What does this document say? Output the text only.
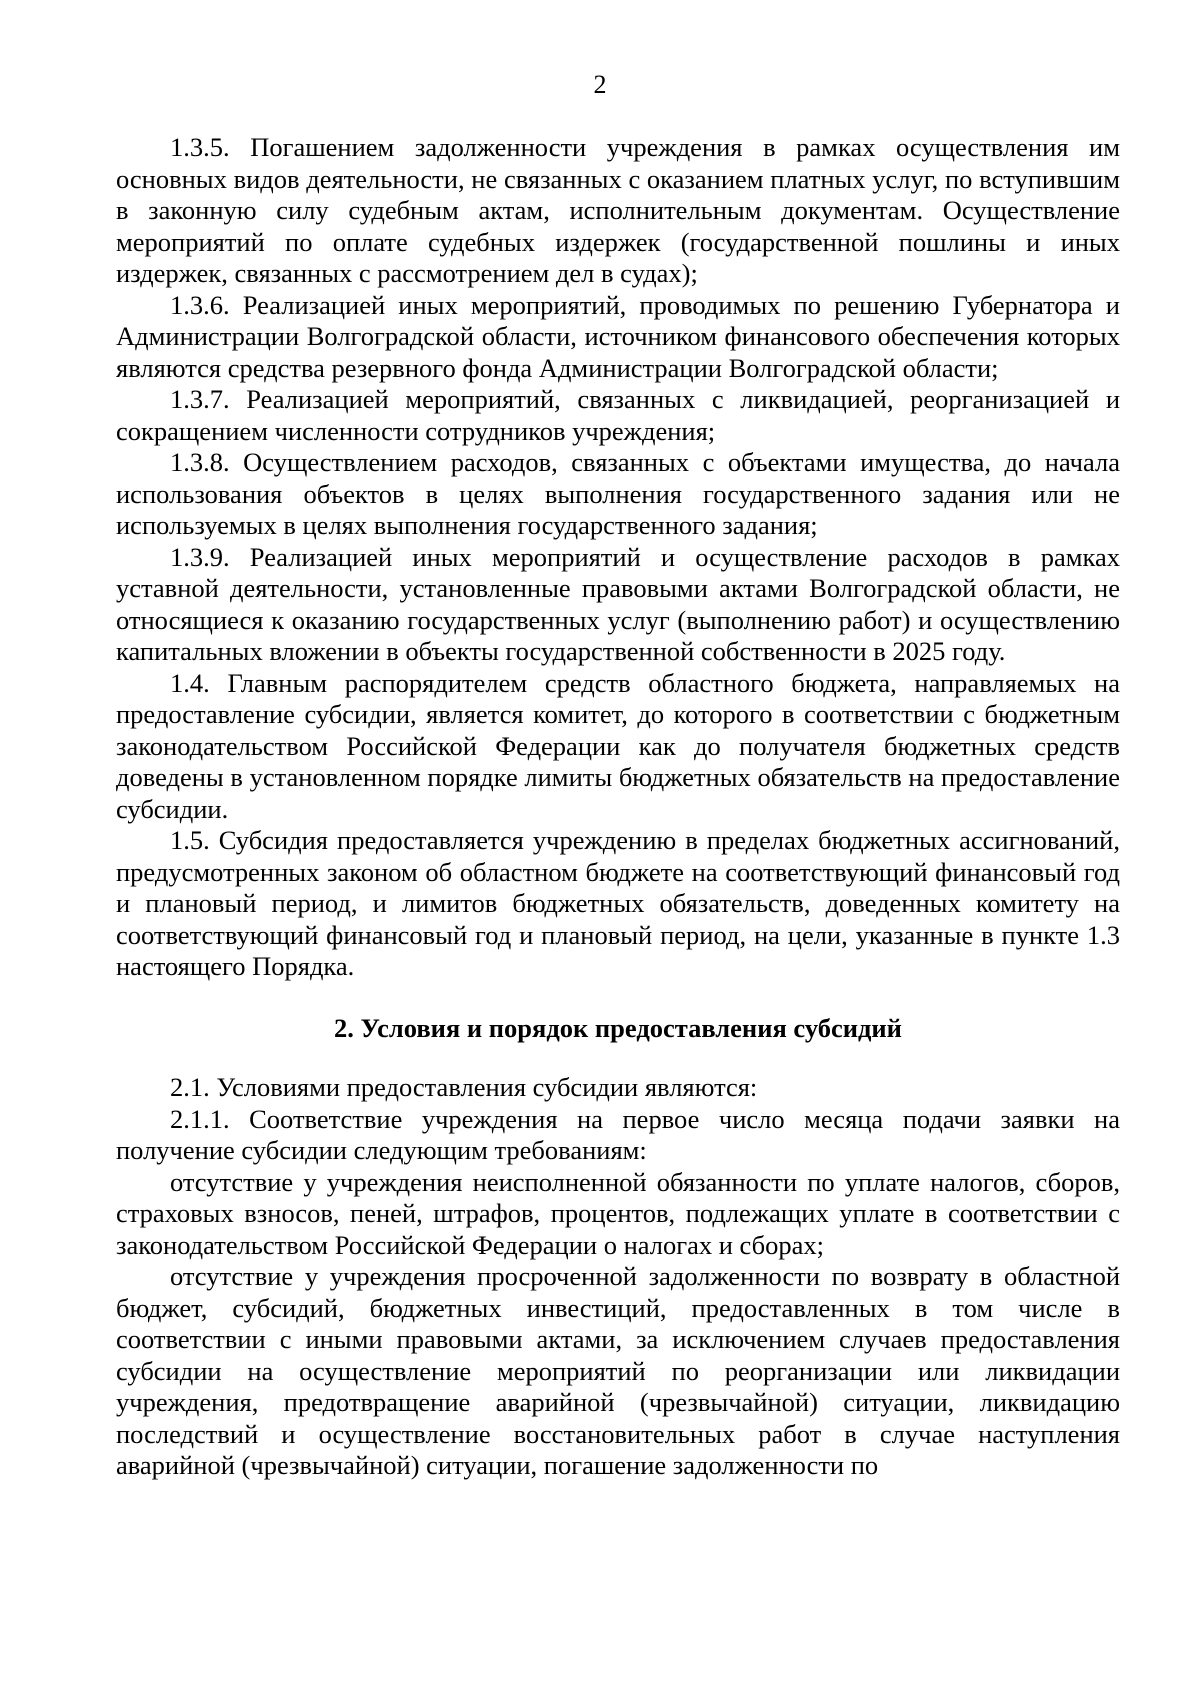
2

1.3.5. Погашением задолженности учреждения в рамках осуществления им основных видов деятельности, не связанных с оказанием платных услуг, по вступившим в законную силу судебным актам, исполнительным документам. Осуществление мероприятий по оплате судебных издержек (государственной пошлины и иных издержек, связанных с рассмотрением дел в судах);

1.3.6. Реализацией иных мероприятий, проводимых по решению Губернатора и Администрации Волгоградской области, источником финансового обеспечения которых являются средства резервного фонда Администрации Волгоградской области;

1.3.7. Реализацией мероприятий, связанных с ликвидацией, реорганизацией и сокращением численности сотрудников учреждения;

1.3.8. Осуществлением расходов, связанных с объектами имущества, до начала использования объектов в целях выполнения государственного задания или не используемых в целях выполнения государственного задания;

1.3.9. Реализацией иных мероприятий и осуществление расходов в рамках уставной деятельности, установленные правовыми актами Волгоградской области, не относящиеся к оказанию государственных услуг (выполнению работ) и осуществлению капитальных вложении в объекты государственной собственности в 2025 году.

1.4. Главным распорядителем средств областного бюджета, направляемых на предоставление субсидии, является комитет, до которого в соответствии с бюджетным законодательством Российской Федерации как до получателя бюджетных средств доведены в установленном порядке лимиты бюджетных обязательств на предоставление субсидии.

1.5. Субсидия предоставляется учреждению в пределах бюджетных ассигнований, предусмотренных законом об областном бюджете на соответствующий финансовый год и плановый период, и лимитов бюджетных обязательств, доведенных комитету на соответствующий финансовый год и плановый период, на цели, указанные в пункте 1.3 настоящего Порядка.

2. Условия и порядок предоставления субсидий

2.1. Условиями предоставления субсидии являются:

2.1.1. Соответствие учреждения на первое число месяца подачи заявки на получение субсидии следующим требованиям:

отсутствие у учреждения неисполненной обязанности по уплате налогов, сборов, страховых взносов, пеней, штрафов, процентов, подлежащих уплате в соответствии с законодательством Российской Федерации о налогах и сборах;

отсутствие у учреждения просроченной задолженности по возврату в областной бюджет, субсидий, бюджетных инвестиций, предоставленных в том числе в соответствии с иными правовыми актами, за исключением случаев предоставления субсидии на осуществление мероприятий по реорганизации или ликвидации учреждения, предотвращение аварийной (чрезвычайной) ситуации, ликвидацию последствий и осуществление восстановительных работ в случае наступления аварийной (чрезвычайной) ситуации, погашение задолженности по
